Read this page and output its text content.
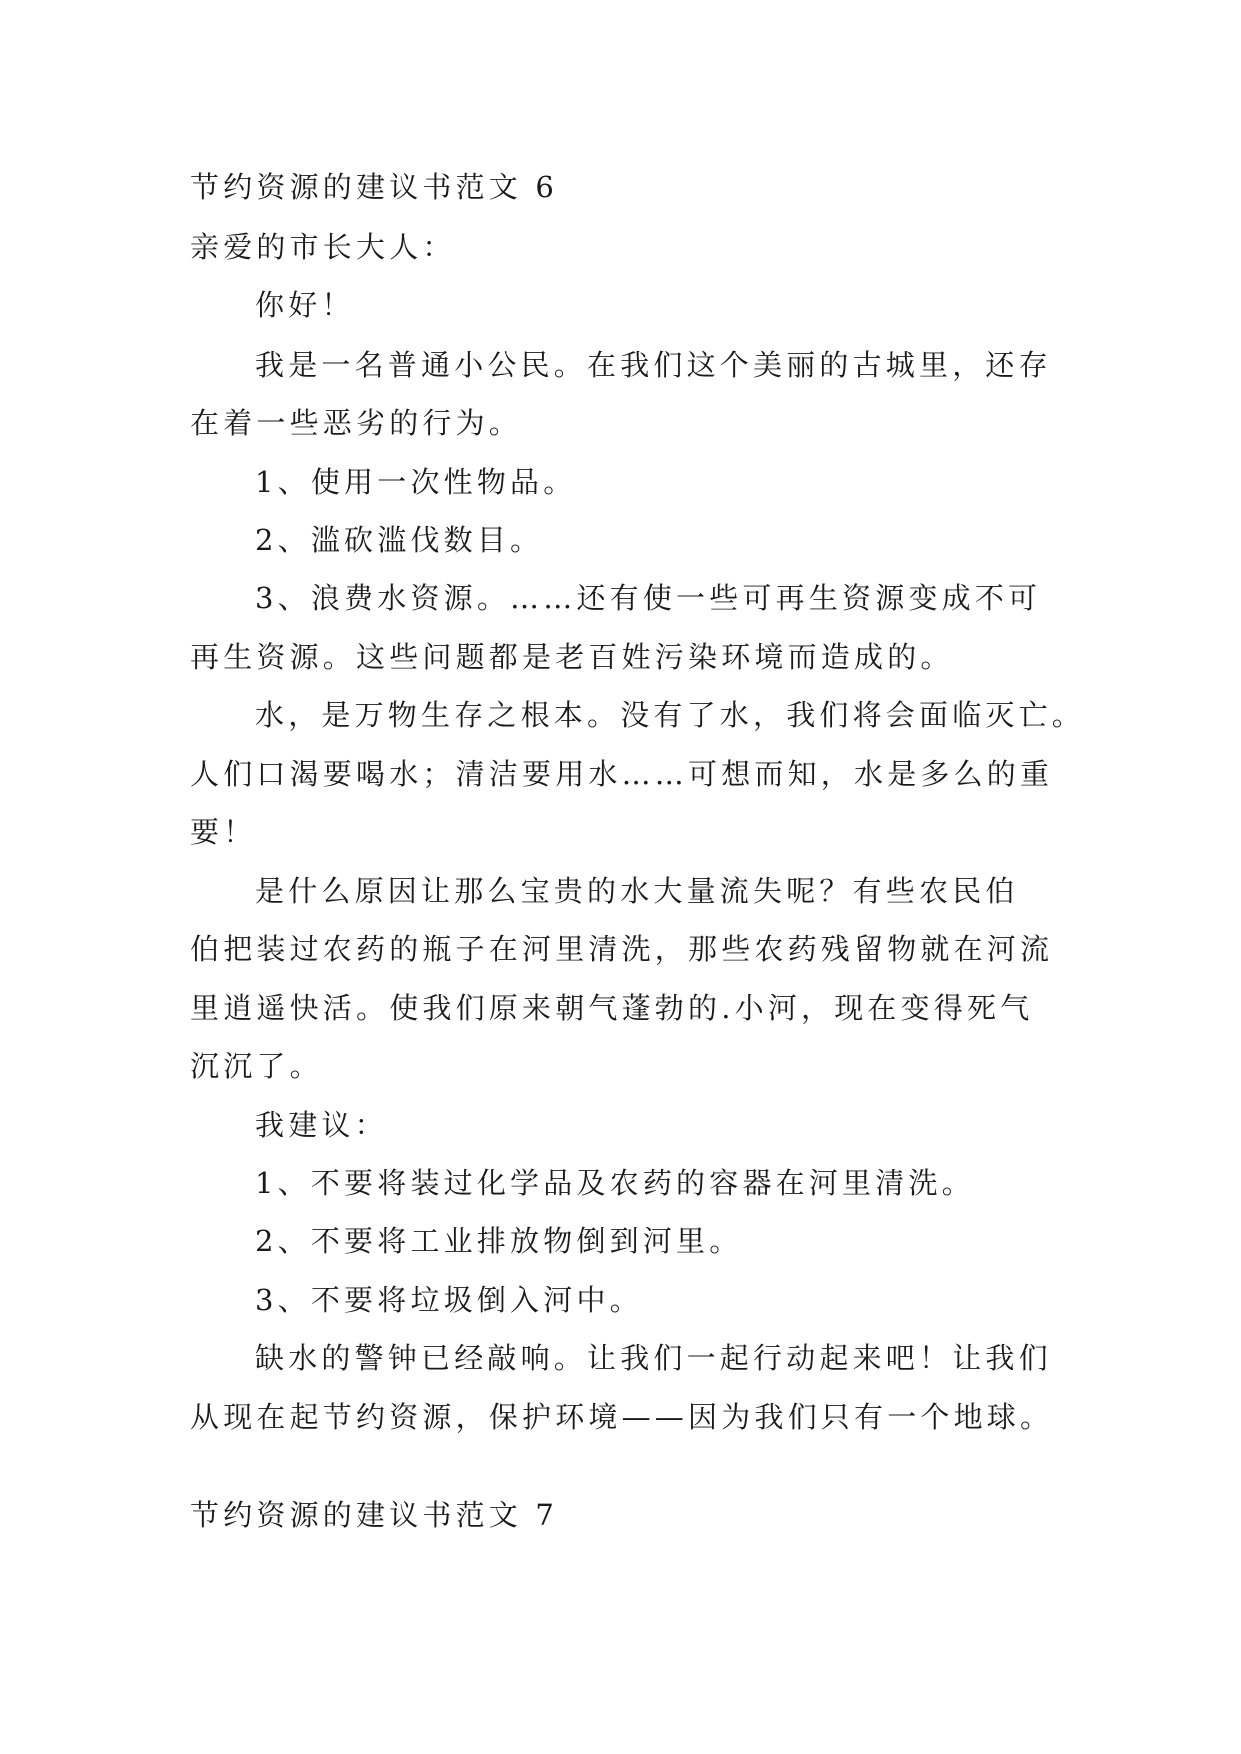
节约资源的建议书范文 6
亲爱的市长大人：
你好！
我是一名普通小公民。在我们这个美丽的古城里，还存
在着一些恶劣的行为。
1、使用一次性物品。
2、滥砍滥伐数目。
3、浪费水资源。……还有使一些可再生资源变成不可
再生资源。这些问题都是老百姓污染环境而造成的。
水，是万物生存之根本。没有了水，我们将会面临灭亡。
人们口渴要喝水；清洁要用水……可想而知，水是多么的重
要！
是什么原因让那么宝贵的水大量流失呢？有些农民伯
伯把装过农药的瓶子在河里清洗，那些农药残留物就在河流
里逍遥快活。使我们原来朝气蓬勃的.小河，现在变得死气
沉沉了。
我建议：
1、不要将装过化学品及农药的容器在河里清洗。
2、不要将工业排放物倒到河里。
3、不要将垃圾倒入河中。
缺水的警钟已经敲响。让我们一起行动起来吧！让我们
从现在起节约资源，保护环境——因为我们只有一个地球。
节约资源的建议书范文 7
